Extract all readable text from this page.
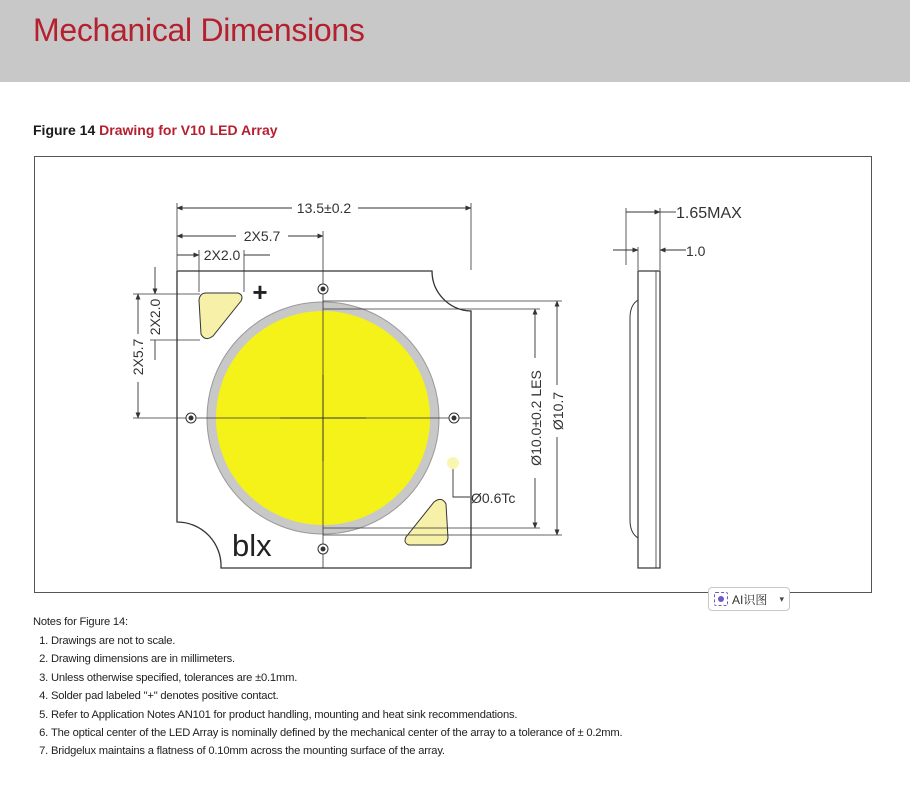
Mechanical Dimensions
Figure 14 Drawing for V10 LED Array
+
blx
13.5±0.2
2X5.7
2X2.0
2X5.7
2X2.0
Ø10.0±0.2 LES Ø10.7
Ø0.6Tc
1.65MAX
1.0
AI识图 ▾
Notes for Figure 14:
1. Drawings are not to scale.
2. Drawing dimensions are in millimeters.
3. Unless otherwise specified, tolerances are ±0.1mm.
4. Solder pad labeled "+" denotes positive contact.
5. Refer to Application Notes AN101 for product handling, mounting and heat sink recommendations.
6. The optical center of the LED Array is nominally defined by the mechanical center of the array to a tolerance of ± 0.2mm.
7. Bridgelux maintains a flatness of 0.10mm across the mounting surface of the array.
